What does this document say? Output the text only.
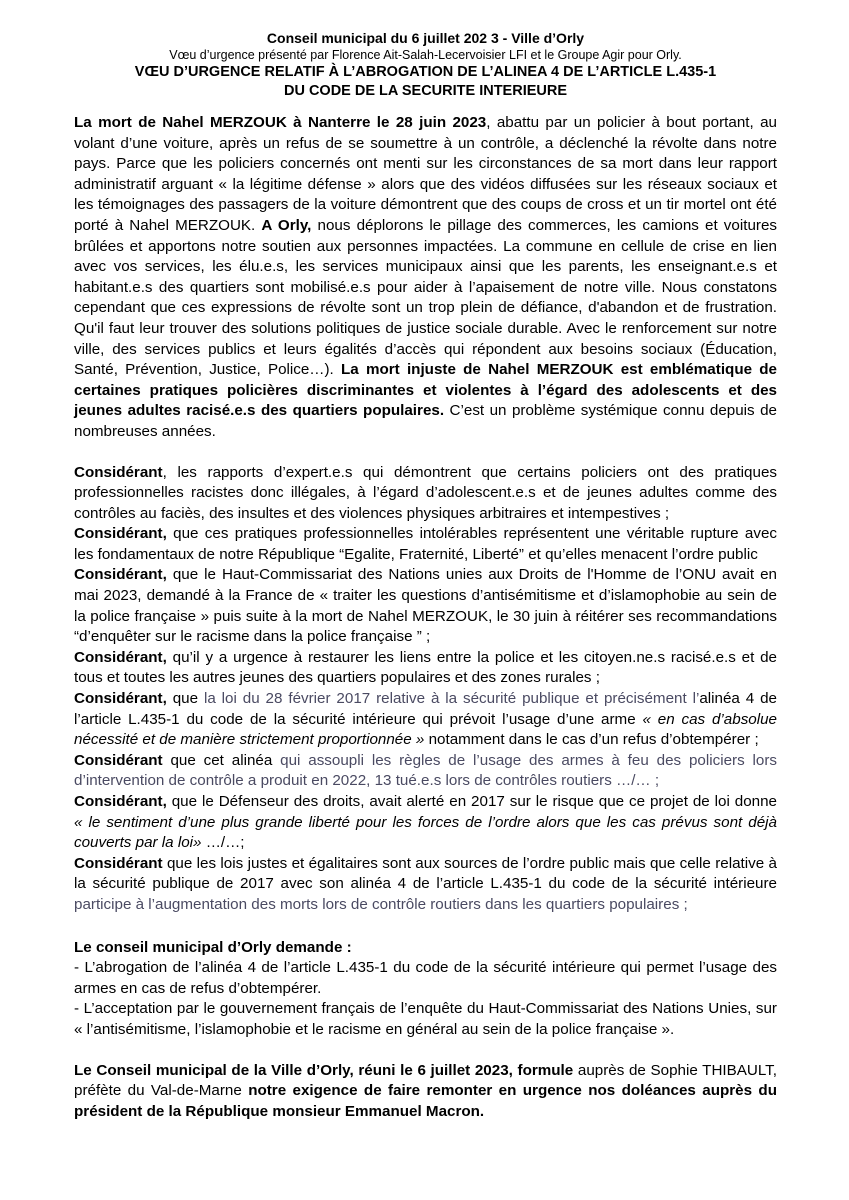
Conseil municipal du 6 juillet 202 3 - Ville d’Orly
Vœu d’urgence présenté par Florence Ait-Salah-Lecervoisier LFI et le Groupe Agir pour Orly.
VŒU D’URGENCE RELATIF À L’ABROGATION DE L’ALINEA 4 DE L’ARTICLE L.435-1
DU CODE DE LA SECURITE INTERIEURE

La mort de Nahel MERZOUK à Nanterre le 28 juin 2023, abattu par un policier à bout portant, au volant d’une voiture, après un refus de se soumettre à un contrôle, a déclenché la révolte dans notre pays. Parce que les policiers concernés ont menti sur les circonstances de sa mort dans leur rapport administratif arguant « la légitime défense » alors que des vidéos diffusées sur les réseaux sociaux et les témoignages des passagers de la voiture démontrent que des coups de cross et un tir mortel ont été porté à Nahel MERZOUK. A Orly, nous déplorons le pillage des commerces, les camions et voitures brûlées et apportons notre soutien aux personnes impactées. La commune en cellule de crise en lien avec vos services, les élu.e.s, les services municipaux ainsi que les parents, les enseignant.e.s et habitant.e.s des quartiers sont mobilisé.e.s pour aider à l’apaisement de notre ville. Nous constatons cependant que ces expressions de révolte sont un trop plein de défiance, d'abandon et de frustration. Qu'il faut leur trouver des solutions politiques de justice sociale durable. Avec le renforcement sur notre ville, des services publics et leurs égalités d’accès qui répondent aux besoins sociaux (Éducation, Santé, Prévention, Justice, Police…). La mort injuste de Nahel MERZOUK est emblématique de certaines pratiques policières discriminantes et violentes à l’égard des adolescents et des jeunes adultes racisé.e.s des quartiers populaires. C’est un problème systémique connu depuis de nombreuses années.

Considérant, les rapports d’expert.e.s qui démontrent que certains policiers ont des pratiques professionnelles racistes donc illégales, à l’égard d’adolescent.e.s et de jeunes adultes comme des contrôles au faciès, des insultes et des violences physiques arbitraires et intempestives ;

Considérant, que ces pratiques professionnelles intolérables représentent une véritable rupture avec les fondamentaux de notre République “Egalite, Fraternité, Liberté” et qu’elles menacent l’ordre public

Considérant, que le Haut-Commissariat des Nations unies aux Droits de l'Homme de l’ONU avait en mai 2023, demandé à la France de « traiter les questions d’antisémitisme et d’islamophobie au sein de la police française » puis suite à la mort de Nahel MERZOUK, le 30 juin à réitérer ses recommandations “d’enquêter sur le racisme dans la police française ” ;

Considérant, qu’il y a urgence à restaurer les liens entre la police et les citoyen.ne.s racisé.e.s et de tous et toutes les autres jeunes des quartiers populaires et des zones rurales ;

Considérant, que la loi du 28 février 2017 relative à la sécurité publique et précisément l’alinéa 4 de l’article L.435-1 du code de la sécurité intérieure qui prévoit l’usage d’une arme « en cas d’absolue nécessité et de manière strictement proportionnée » notamment dans le cas d’un refus d’obtempérer ;

Considérant que cet alinéa qui assoupli les règles de l’usage des armes à feu des policiers lors d’intervention de contrôle a produit en 2022, 13 tué.e.s lors de contrôles routiers …/… ;

Considérant, que le Défenseur des droits, avait alerté en 2017 sur le risque que ce projet de loi donne « le sentiment d’une plus grande liberté pour les forces de l’ordre alors que les cas prévus sont déjà couverts par la loi» …/…;

Considérant que les lois justes et égalitaires sont aux sources de l’ordre public mais que celle relative à la sécurité publique de 2017 avec son alinéa 4 de l’article L.435-1 du code de la sécurité intérieure participe à l’augmentation des morts lors de contrôle routiers dans les quartiers populaires ;

Le conseil municipal d’Orly demande :

- L’abrogation de l’alinéa 4 de l’article L.435-1 du code de la sécurité intérieure qui permet l’usage des armes en cas de refus d’obtempérer.

- L’acceptation par le gouvernement français de l’enquête du Haut-Commissariat des Nations Unies, sur « l’antisémitisme, l’islamophobie et le racisme en général au sein de la police française ».

Le Conseil municipal de la Ville d’Orly, réuni le 6 juillet 2023, formule auprès de Sophie THIBAULT, préfète du Val-de-Marne notre exigence de faire remonter en urgence nos doléances auprès du président de la République monsieur Emmanuel Macron.
